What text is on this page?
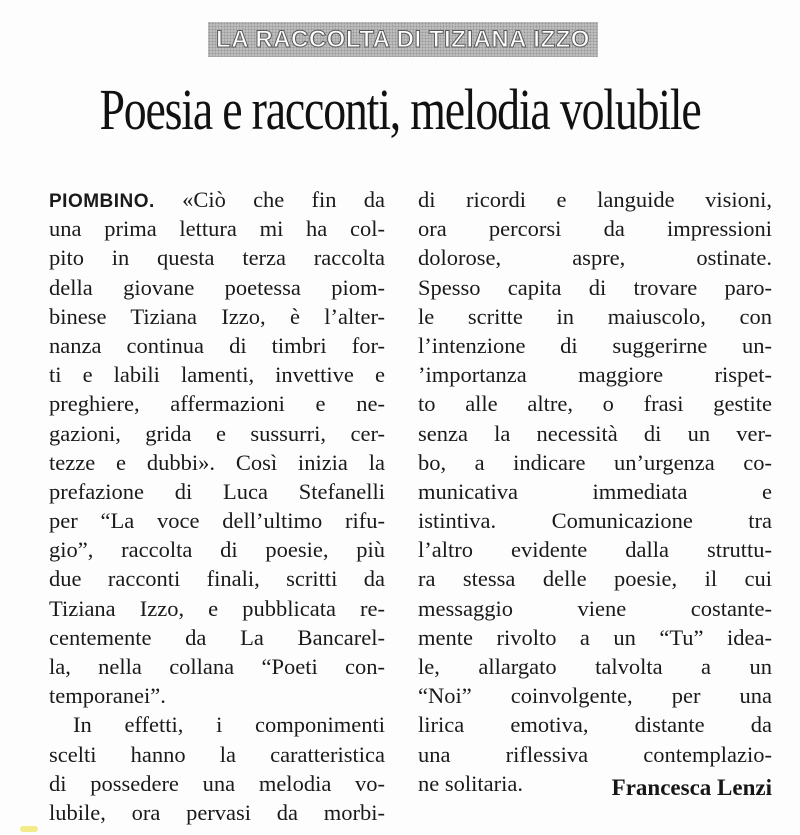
LA RACCOLTA DI TIZIANA IZZO
Poesia e racconti, melodia volubile
PIOMBINO. «Ciò che fin da
una prima lettura mi ha col-
pito in questa terza raccolta
della giovane poetessa piom-
binese Tiziana Izzo, è l’alter-
nanza continua di timbri for-
ti e labili lamenti, invettive e
preghiere, affermazioni e ne-
gazioni, grida e sussurri, cer-
tezze e dubbi». Così inizia la
prefazione di Luca Stefanelli
per “La voce dell’ultimo rifu-
gio”, raccolta di poesie, più
due racconti finali, scritti da
Tiziana Izzo, e pubblicata re-
centemente da La Bancarel-
la, nella collana “Poeti con-
temporanei”.
In effetti, i componimenti
scelti hanno la caratteristica
di possedere una melodia vo-
lubile, ora pervasi da morbi-
di ricordi e languide visioni,
ora percorsi da impressioni
dolorose, aspre, ostinate.
Spesso capita di trovare paro-
le scritte in maiuscolo, con
l’intenzione di suggerirne un-
’importanza maggiore rispet-
to alle altre, o frasi gestite
senza la necessità di un ver-
bo, a indicare un’urgenza co-
municativa immediata e
istintiva. Comunicazione tra
l’altro evidente dalla struttu-
ra stessa delle poesie, il cui
messaggio viene costante-
mente rivolto a un “Tu” idea-
le, allargato talvolta a un
“Noi” coinvolgente, per una
lirica emotiva, distante da
una riflessiva contemplazio-
ne solitaria.	Francesca Lenzi
